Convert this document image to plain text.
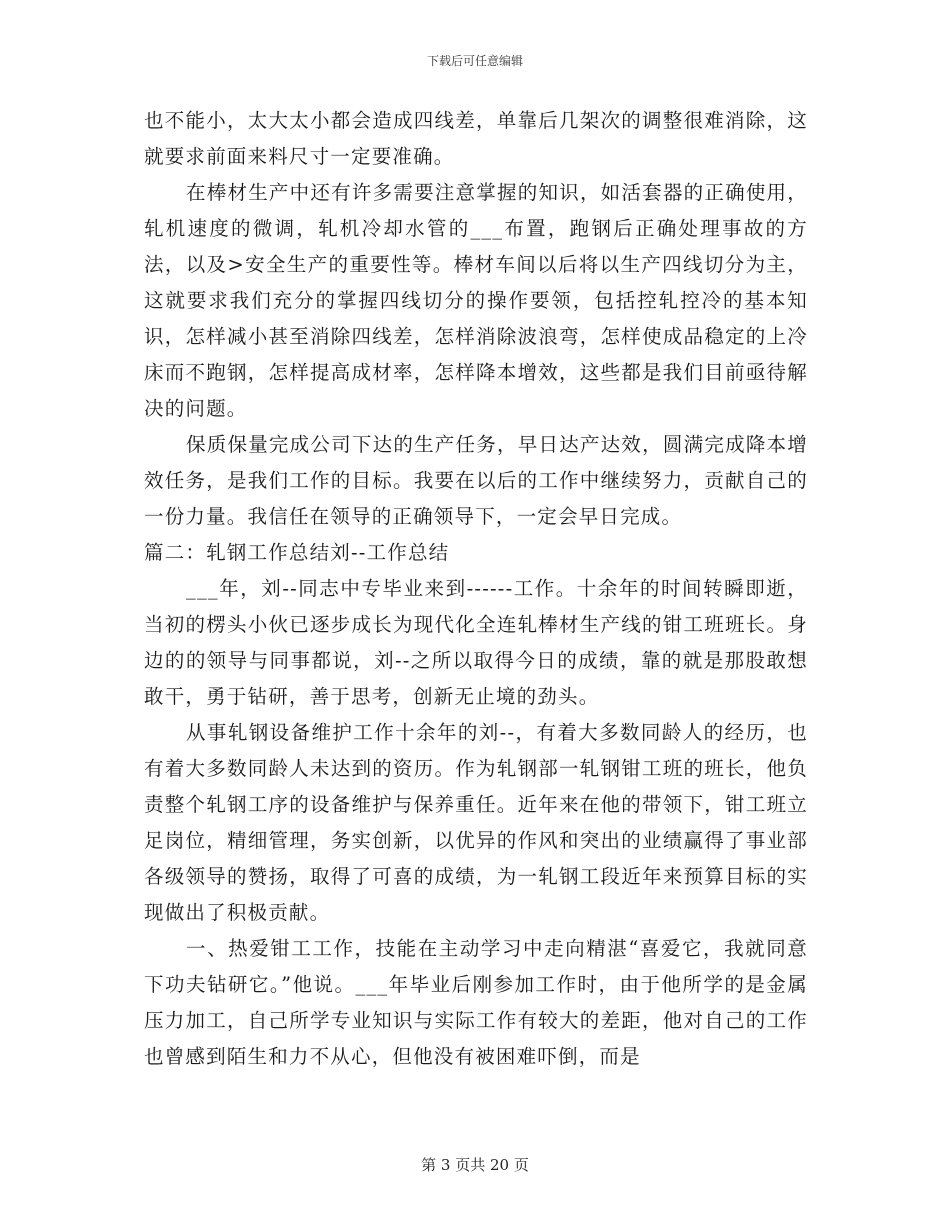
下载后可任意编辑

也不能小，太大太小都会造成四线差，单靠后几架次的调整很难消除，这就要求前面来料尺寸一定要准确。

在棒材生产中还有许多需要注意掌握的知识，如活套器的正确使用，轧机速度的微调，轧机冷却水管的___布置，跑钢后正确处理事故的方法，以及>安全生产的重要性等。棒材车间以后将以生产四线切分为主，这就要求我们充分的掌握四线切分的操作要领，包括控轧控冷的基本知识，怎样减小甚至消除四线差，怎样消除波浪弯，怎样使成品稳定的上冷床而不跑钢，怎样提高成材率，怎样降本增效，这些都是我们目前亟待解决的问题。

保质保量完成公司下达的生产任务，早日达产达效，圆满完成降本增效任务，是我们工作的目标。我要在以后的工作中继续努力，贡献自己的一份力量。我信任在领导的正确领导下，一定会早日完成。

篇二：轧钢工作总结刘--工作总结

___年，刘--同志中专毕业来到------工作。十余年的时间转瞬即逝，当初的楞头小伙已逐步成长为现代化全连轧棒材生产线的钳工班班长。身边的的领导与同事都说，刘--之所以取得今日的成绩，靠的就是那股敢想敢干，勇于钻研，善于思考，创新无止境的劲头。

从事轧钢设备维护工作十余年的刘--，有着大多数同龄人的经历，也有着大多数同龄人未达到的资历。作为轧钢部一轧钢钳工班的班长，他负责整个轧钢工序的设备维护与保养重任。近年来在他的带领下，钳工班立足岗位，精细管理，务实创新，以优异的作风和突出的业绩赢得了事业部各级领导的赞扬，取得了可喜的成绩，为一轧钢工段近年来预算目标的实现做出了积极贡献。

一、热爱钳工工作，技能在主动学习中走向精湛“喜爱它，我就同意下功夫钻研它。”他说。___年毕业后刚参加工作时，由于他所学的是金属压力加工，自己所学专业知识与实际工作有较大的差距，他对自己的工作也曾感到陌生和力不从心，但他没有被困难吓倒，而是

第 3 页共 20 页
